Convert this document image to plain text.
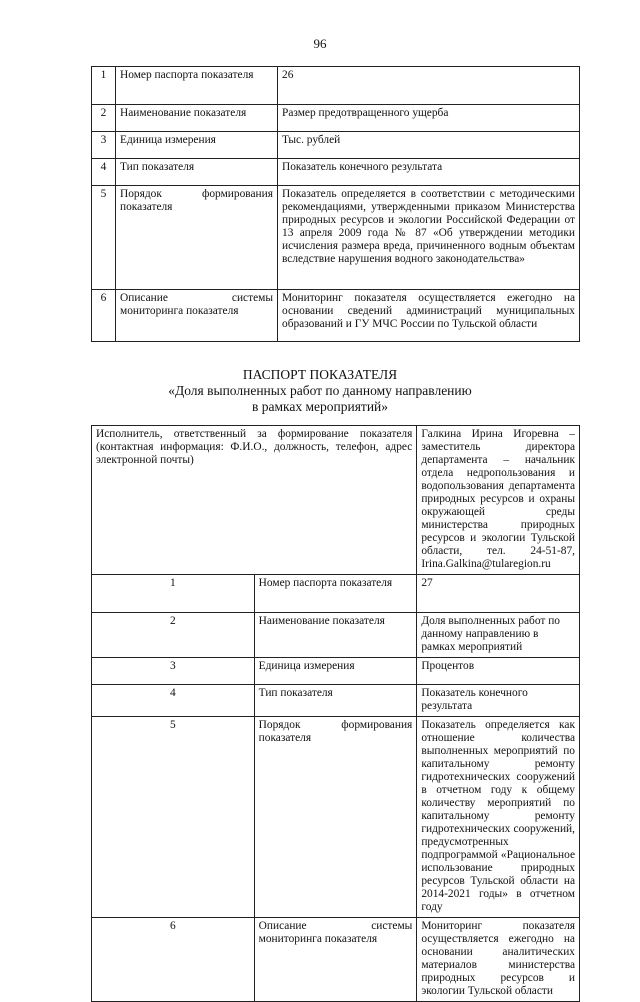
96
1	Номер паспорта показателя	26
2	Наименование показателя	Размер предотвращенного ущерба
3	Единица измерения	Тыс. рублей
4	Тип показателя	Показатель конечного результата
5	Порядок формирования показателя	Показатель определяется в соответствии с методическими рекомендациями, утвержденными приказом Министерства природных ресурсов и экологии Российской Федерации от 13 апреля 2009 года № 87 «Об утверждении методики исчисления размера вреда, причиненного водным объектам вследствие нарушения водного законодательства»
6	Описание системы мониторинга показателя	Мониторинг показателя осуществляется ежегодно на основании сведений администраций муниципальных образований и ГУ МЧС России по Тульской области
ПАСПОРТ ПОКАЗАТЕЛЯ
«Доля выполненных работ по данному направлению в рамках мероприятий»
Исполнитель, ответственный за формирование показателя (контактная информация: Ф.И.О., должность, телефон, адрес электронной почты)		Галкина Ирина Игоревна – заместитель директора департамента – начальник отдела недропользования и водопользования департамента природных ресурсов и охраны окружающей среды министерства природных ресурсов и экологии Тульской области, тел. 24-51-87, Irina.Galkina@tularegion.ru
1	Номер паспорта показателя	27
2	Наименование показателя	Доля выполненных работ по данному направлению в рамках мероприятий
3	Единица измерения	Процентов
4	Тип показателя	Показатель конечного результата
5	Порядок формирования показателя	Показатель определяется как отношение количества выполненных мероприятий по капитальному ремонту гидротехнических сооружений в отчетном году к общему количеству мероприятий по капитальному ремонту гидротехнических сооружений, предусмотренных подпрограммой «Рациональное использование природных ресурсов Тульской области на 2014-2021 годы» в отчетном году
6	Описание системы мониторинга показателя	Мониторинг показателя осуществляется ежегодно на основании аналитических материалов министерства природных ресурсов и экологии Тульской области
